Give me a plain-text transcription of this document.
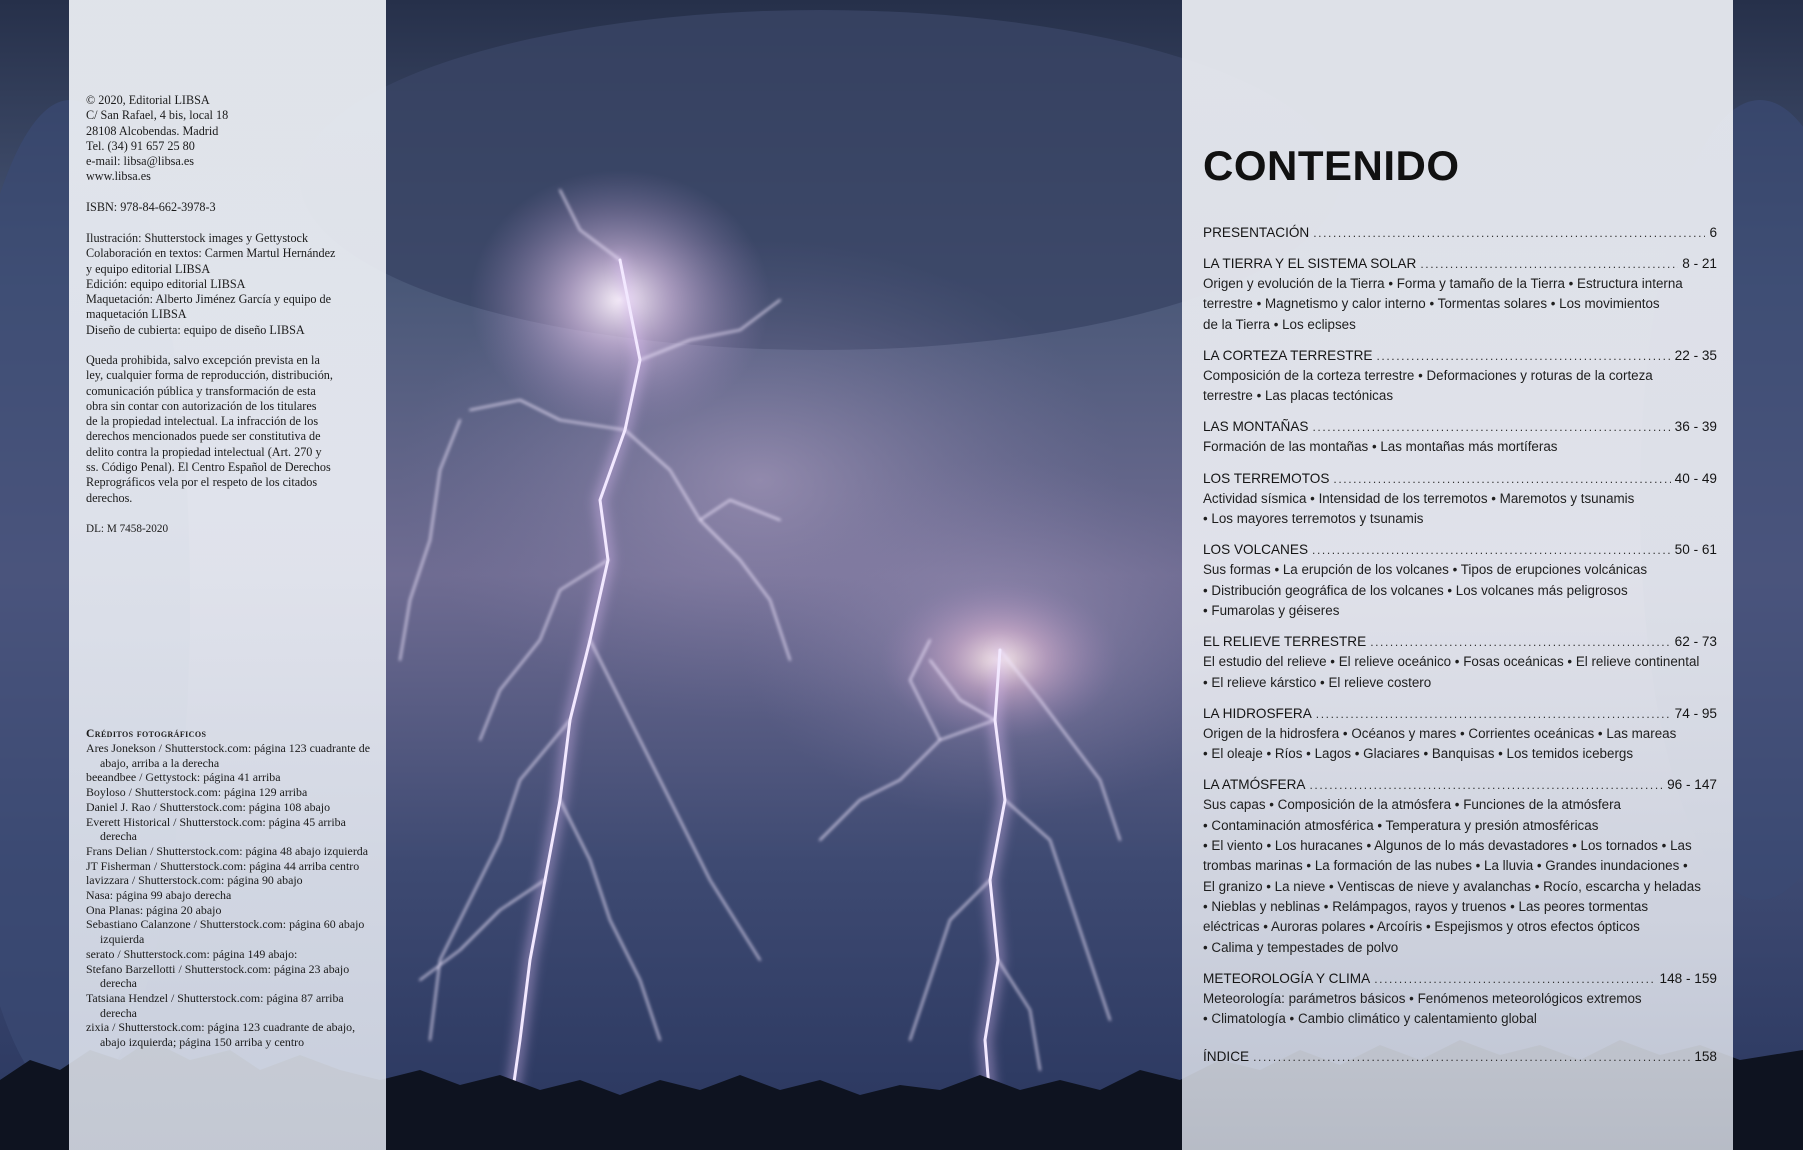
© 2020, Editorial LIBSA
C/ San Rafael, 4 bis, local 18
28108 Alcobendas. Madrid
Tel. (34) 91 657 25 80
e-mail: libsa@libsa.es
www.libsa.es
ISBN: 978-84-662-3978-3
Ilustración: Shutterstock images y Gettystock
Colaboración en textos: Carmen Martul Hernández
y equipo editorial LIBSA
Edición: equipo editorial LIBSA
Maquetación: Alberto Jiménez García y equipo de
maquetación LIBSA
Diseño de cubierta: equipo de diseño LIBSA
Queda prohibida, salvo excepción prevista en la
ley, cualquier forma de reproducción, distribución,
comunicación pública y transformación de esta
obra sin contar con autorización de los titulares
de la propiedad intelectual. La infracción de los
derechos mencionados puede ser constitutiva de
delito contra la propiedad intelectual (Art. 270 y
ss. Código Penal). El Centro Español de Derechos
Reprográficos vela por el respeto de los citados
derechos.
DL: M 7458-2020
Créditos fotográficos
Ares Jonekson / Shutterstock.com: página 123 cuadrante de abajo, arriba a la derecha
beeandbee / Gettystock: página 41 arriba
Boyloso / Shutterstock.com: página 129 arriba
Daniel J. Rao / Shutterstock.com: página 108 abajo
Everett Historical / Shutterstock.com: página 45 arriba derecha
Frans Delian / Shutterstock.com: página 48 abajo izquierda
JT Fisherman / Shutterstock.com: página 44 arriba centro
lavizzara / Shutterstock.com: página 90 abajo
Nasa: página 99 abajo derecha
Ona Planas: página 20 abajo
Sebastiano Calanzone / Shutterstock.com: página 60 abajo izquierda
serato / Shutterstock.com: página 149 abajo:
Stefano Barzellotti / Shutterstock.com: página 23 abajo derecha
Tatsiana Hendzel / Shutterstock.com: página 87 arriba derecha
zixia / Shutterstock.com: página 123 cuadrante de abajo, abajo izquierda; página 150 arriba y centro
CONTENIDO
PRESENTACIÓN .....	6
LA TIERRA Y EL SISTEMA SOLAR .....	8 - 21
Origen y evolución de la Tierra • Forma y tamaño de la Tierra • Estructura interna
terrestre • Magnetismo y calor interno • Tormentas solares • Los movimientos
de la Tierra • Los eclipses
LA CORTEZA TERRESTRE .....	22 - 35
Composición de la corteza terrestre • Deformaciones y roturas de la corteza
terrestre • Las placas tectónicas
LAS MONTAÑAS .....	36 - 39
Formación de las montañas • Las montañas más mortíferas
LOS TERREMOTOS .....	40 - 49
Actividad sísmica • Intensidad de los terremotos • Maremotos y tsunamis
• Los mayores terremotos y tsunamis
LOS VOLCANES .....	50 - 61
Sus formas • La erupción de los volcanes • Tipos de erupciones volcánicas
• Distribución geográfica de los volcanes • Los volcanes más peligrosos
• Fumarolas y géiseres
EL RELIEVE TERRESTRE .....	62 - 73
El estudio del relieve • El relieve oceánico • Fosas oceánicas • El relieve continental
• El relieve kárstico • El relieve costero
LA HIDROSFERA .....	74 - 95
Origen de la hidrosfera • Océanos y mares • Corrientes oceánicas • Las mareas
• El oleaje • Ríos • Lagos • Glaciares • Banquisas • Los temidos icebergs
LA ATMÓSFERA .....	96 - 147
Sus capas • Composición de la atmósfera • Funciones de la atmósfera
• Contaminación atmosférica • Temperatura y presión atmosféricas
• El viento • Los huracanes • Algunos de lo más devastadores • Los tornados • Las
trombas marinas • La formación de las nubes • La lluvia • Grandes inundaciones •
El granizo • La nieve • Ventiscas de nieve y avalanchas • Rocío, escarcha y heladas
• Nieblas y neblinas • Relámpagos, rayos y truenos • Las peores tormentas
eléctricas • Auroras polares • Arcoíris • Espejismos y otros efectos ópticos
• Calima y tempestades de polvo
METEOROLOGÍA Y CLIMA .....	148 - 159
Meteorología: parámetros básicos • Fenómenos meteorológicos extremos
• Climatología • Cambio climático y calentamiento global
ÍNDICE .....	158
